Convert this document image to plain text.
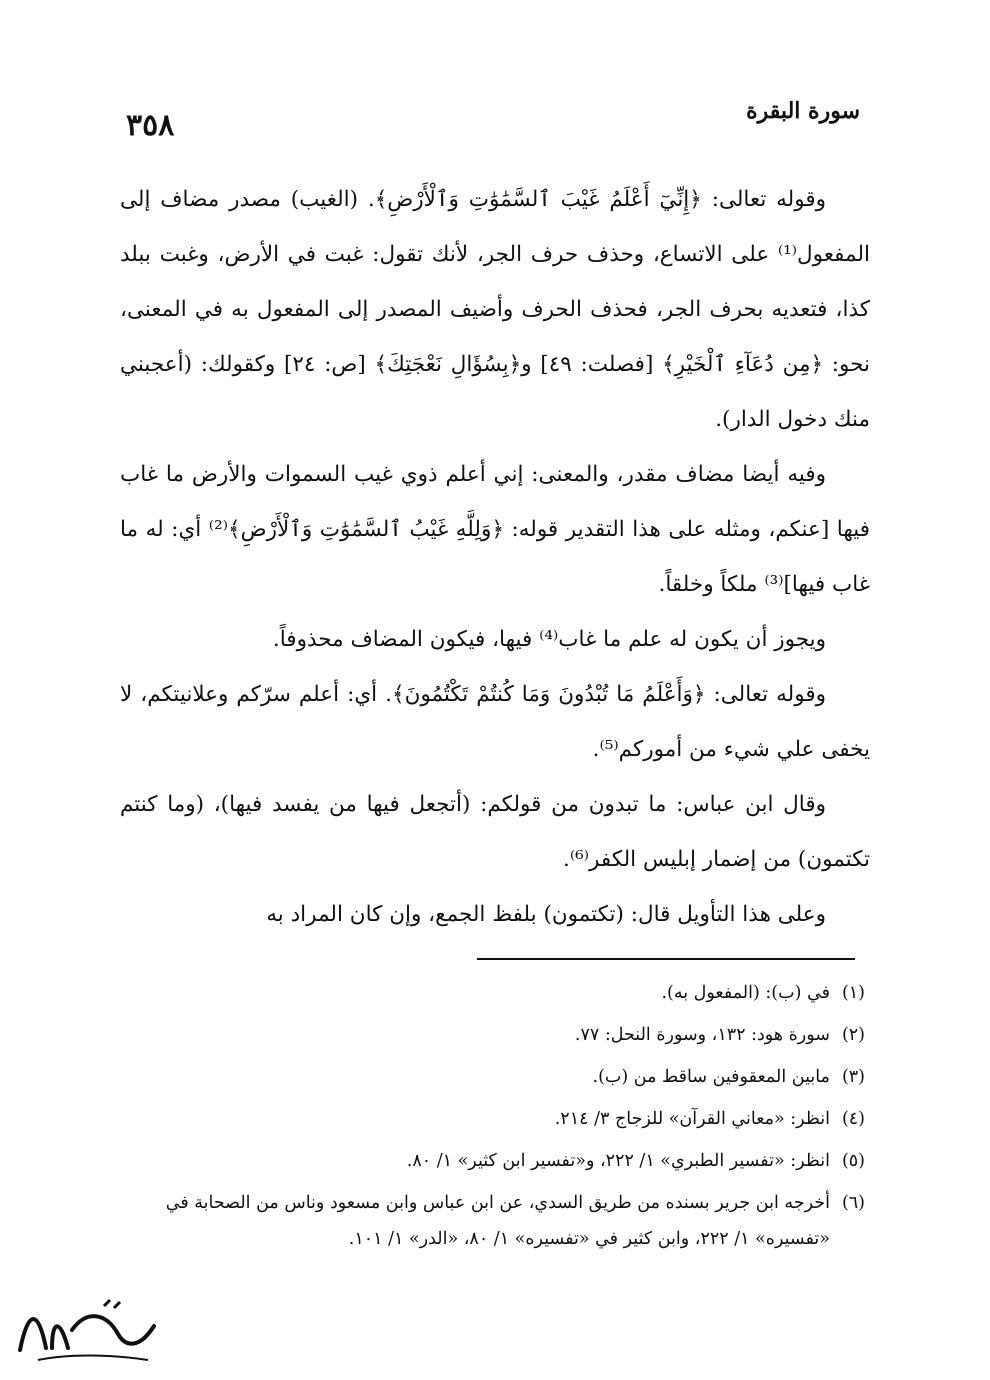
٣٥٨	سورة البقرة

وقوله تعالى: ﴿إِنِّيٓ أَعْلَمُ غَيْبَ ٱلسَّمَٰوَٰتِ وَٱلْأَرْضِ﴾. (الغيب) مصدر مضاف إلى المفعول⁽¹⁾ على الاتساع، وحذف حرف الجر، لأنك تقول: غبت في الأرض، وغبت ببلد كذا، فتعديه بحرف الجر، فحذف الحرف وأضيف المصدر إلى المفعول به في المعنى، نحو: ﴿مِن دُعَآءِ ٱلْخَيْرِ﴾ [فصلت: ٤٩] و﴿بِسُؤَالِ نَعْجَتِكَ﴾ [ص: ٢٤] وكقولك: (أعجبني منك دخول الدار).

وفيه أيضا مضاف مقدر، والمعنى: إني أعلم ذوي غيب السموات والأرض ما غاب فيها [عنكم، ومثله على هذا التقدير قوله: ﴿وَلِلَّهِ غَيْبُ ٱلسَّمَٰوَٰتِ وَٱلْأَرْضِ﴾⁽²⁾ أي: له ما غاب فيها]⁽³⁾ ملكاً وخلقاً.

ويجوز أن يكون له علم ما غاب⁽⁴⁾ فيها، فيكون المضاف محذوفاً.

وقوله تعالى: ﴿وَأَعْلَمُ مَا تُبْدُونَ وَمَا كُنتُمْ تَكْتُمُونَ﴾. أي: أعلم سرّكم وعلانيتكم، لا يخفى علي شيء من أموركم⁽⁵⁾.

وقال ابن عباس: ما تبدون من قولكم: (أتجعل فيها من يفسد فيها)، (وما كنتم تكتمون) من إضمار إبليس الكفر⁽⁶⁾.

وعلى هذا التأويل قال: (تكتمون) بلفظ الجمع، وإن كان المراد به

(١)
في (ب): (المفعول به).
(٢)
سورة هود: ١٣٢، وسورة النحل: ٧٧.
(٣)
مابين المعقوفين ساقط من (ب).
(٤)
انظر: «معاني القرآن» للزجاج ٣/ ٢١٤.
(٥)
انظر: «تفسير الطبري» ١/ ٢٢٢، و«تفسير ابن كثير» ١/ ٨٠.
(٦)
أخرجه ابن جرير بسنده من طريق السدي، عن ابن عباس وابن مسعود وناس من الصحابة في «تفسيره» ١/ ٢٢٢، وابن كثير في «تفسيره» ١/ ٨٠، «الدر» ١/ ١٠١.
